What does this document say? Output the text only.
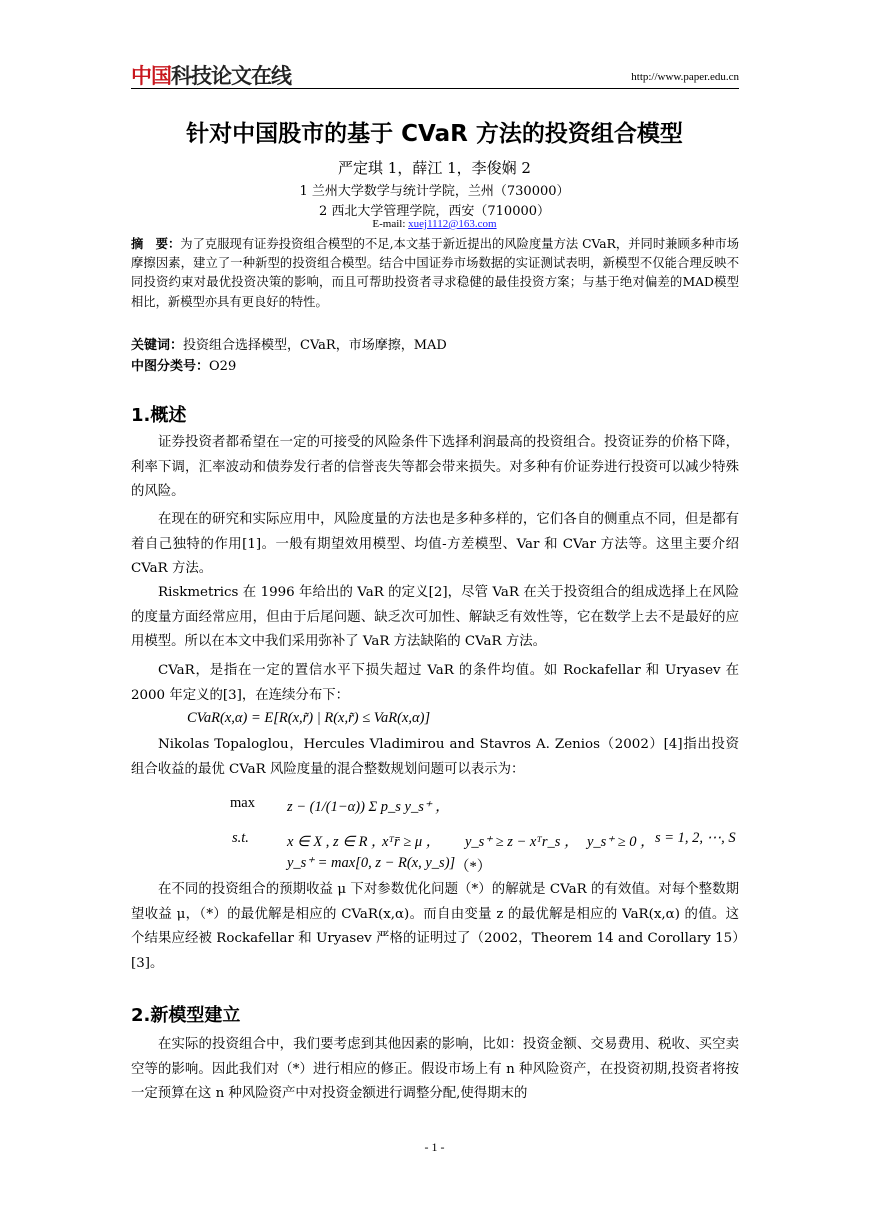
中国科技论文在线	http://www.paper.edu.cn
针对中国股市的基于 CVaR 方法的投资组合模型
严定琪 1，薛江 1，李俊娴 2
1 兰州大学数学与统计学院，兰州（730000）
2 西北大学管理学院，西安（710000）
E-mail: xuej1112@163.com
摘　要：为了克服现有证券投资组合模型的不足,本文基于新近提出的风险度量方法 CVaR，并同时兼顾多种市场摩擦因素，建立了一种新型的投资组合模型。结合中国证券市场数据的实证测试表明，新模型不仅能合理反映不同投资约束对最优投资决策的影响，而且可帮助投资者寻求稳健的最佳投资方案；与基于绝对偏差的MAD模型相比，新模型亦具有更良好的特性。
关键词：投资组合选择模型，CVaR，市场摩擦，MAD
中图分类号：O29
1.概述
证券投资者都希望在一定的可接受的风险条件下选择利润最高的投资组合。投资证券的价格下降，利率下调，汇率波动和债券发行者的信誉丧失等都会带来损失。对多种有价证券进行投资可以减少特殊的风险。
在现在的研究和实际应用中，风险度量的方法也是多种多样的，它们各自的侧重点不同，但是都有着自己独特的作用[1]。一般有期望效用模型、均值-方差模型、Var 和 CVar 方法等。这里主要介绍 CVaR 方法。
Riskmetrics 在 1996 年给出的 VaR 的定义[2]，尽管 VaR 在关于投资组合的组成选择上在风险的度量方面经常应用，但由于后尾问题、缺乏次可加性、解缺乏有效性等，它在数学上去不是最好的应用模型。所以在本文中我们采用弥补了 VaR 方法缺陷的 CVaR 方法。
CVaR，是指在一定的置信水平下损失超过 VaR 的条件均值。如 Rockafellar 和 Uryasev 在 2000 年定义的[3]，在连续分布下：
CVaR(x,α) = E[R(x,r̃) | R(x,r̃) ≤ VaR(x,α)]
Nikolas Topaloglou，Hercules Vladimirou and Stavros A. Zenios（2002）[4]指出投资组合收益的最优 CVaR 风险度量的混合整数规划问题可以表示为：
max z − (1/(1−α)) Σ p_s y_s⁺ ，
s.t.	x ∈ X , z ∈ R ，
xᵀr̄ ≥ μ ， y_s⁺ ≥ z − xᵀr_s ， y_s⁺ ≥ 0 ， s = 1, 2, ⋯, S
y_s⁺ = max[0, z − R(x, y_s)] （*）
在不同的投资组合的预期收益 μ 下对参数优化问题（*）的解就是 CVaR 的有效值。对每个整数期望收益 μ，（*）的最优解是相应的 CVaR(x,α)。而自由变量 z 的最优解是相应的 VaR(x,α) 的值。这个结果应经被 Rockafellar 和 Uryasev 严格的证明过了（2002，Theorem 14 and Corollary 15）[3]。
2.新模型建立
在实际的投资组合中，我们要考虑到其他因素的影响，比如：投资金额、交易费用、税收、买空卖空等的影响。因此我们对（*）进行相应的修正。假设市场上有 n 种风险资产，在投资初期,投资者将按一定预算在这 n 种风险资产中对投资金额进行调整分配,使得期末的
- 1 -
